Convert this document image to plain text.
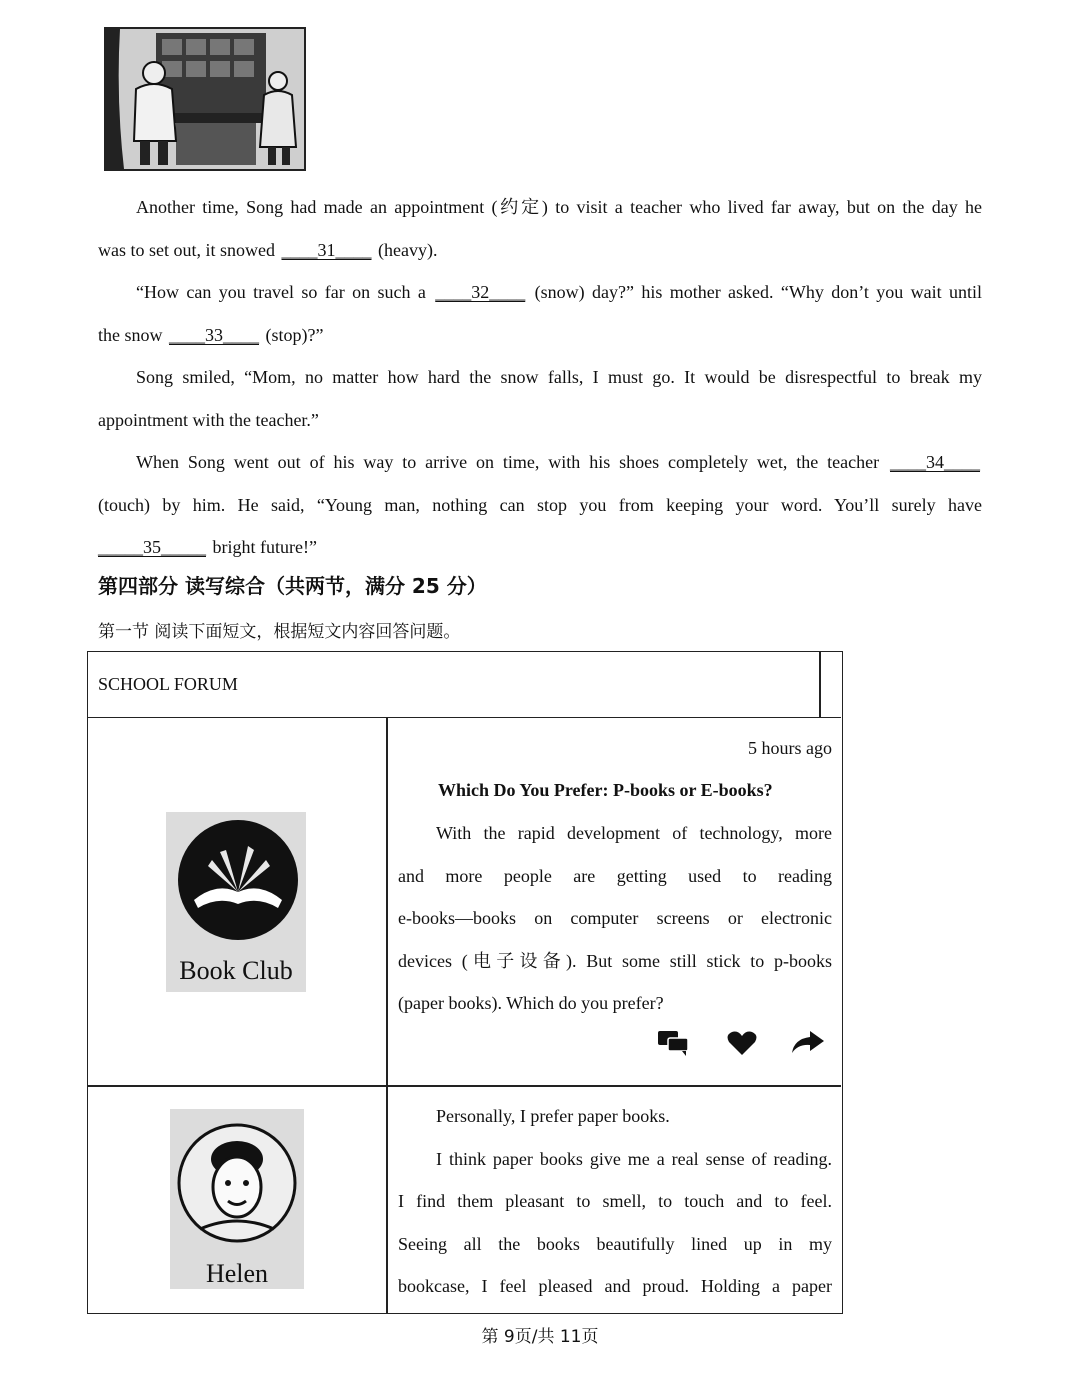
Another time, Song had made an appointment (约定) to visit a teacher who lived far away, but on the day he
was to set out, it snowed ____31____ (heavy).
“How can you travel so far on such a ____32____ (snow) day?” his mother asked. “Why don’t you wait until
the snow ____33____ (stop)?”
Song smiled, “Mom, no matter how hard the snow falls, I must go. It would be disrespectful to break my
appointment with the teacher.”
When Song went out of his way to arrive on time, with his shoes completely wet, the teacher ____34____
(touch) by him. He said, “Young man, nothing can stop you from keeping your word. You’ll surely have
_____35_____ bright future!”
第四部分 读写综合（共两节，满分 25 分）
第一节 阅读下面短文，根据短文内容回答问题。
SCHOOL FORUM
Book Club
5 hours ago
Which Do You Prefer: P-books or E-books?
With the rapid development of technology, more
and more people are getting used to reading
e-books—books on computer screens or electronic
devices (电子设备). But some still stick to p-books
(paper books). Which do you prefer?
Helen
Personally, I prefer paper books.
I think paper books give me a real sense of reading.
I find them pleasant to smell, to touch and to feel.
Seeing all the books beautifully lined up in my
bookcase, I feel pleased and proud. Holding a paper
第 9页/共 11页
